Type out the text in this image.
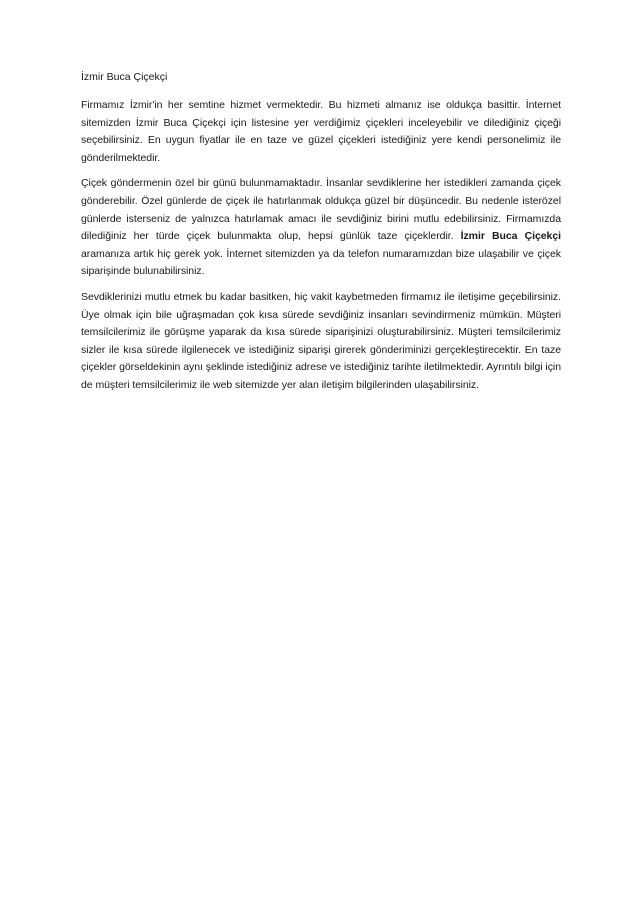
İzmir Buca Çiçekçi

Firmamız İzmir'in her semtine hizmet vermektedir. Bu hizmeti almanız ise oldukça basittir. İnternet sitemizden İzmir Buca Çiçekçi için listesine yer verdiğimiz çiçekleri inceleyebilir ve dilediğiniz çiçeği seçebilirsiniz. En uygun fiyatlar ile en taze ve güzel çiçekleri istediğiniz yere kendi personelimiz ile gönderilmektedir.

Çiçek göndermenin özel bir günü bulunmamaktadır. İnsanlar sevdiklerine her istedikleri zamanda çiçek gönderebilir. Özel günlerde de çiçek ile hatırlanmak oldukça güzel bir düşüncedir. Bu nedenle isterözel günlerde isterseniz de yalnızca hatırlamak amacı ile sevdiğiniz birini mutlu edebilirsiniz. Firmamızda dilediğiniz her türde çiçek bulunmakta olup, hepsi günlük taze çiçeklerdir. İzmir Buca Çiçekçi aramanıza artık hiç gerek yok. İnternet sitemizden ya da telefon numaramızdan bize ulaşabilir ve çiçek siparişinde bulunabilirsiniz.

Sevdiklerinizi mutlu etmek bu kadar basitken, hiç vakit kaybetmeden firmamız ile iletişime geçebilirsiniz. Üye olmak için bile uğraşmadan çok kısa sürede sevdiğiniz insanları sevindirmeniz mümkün. Müşteri temsilcilerimiz ile görüşme yaparak da kısa sürede siparişinizi oluşturabilirsiniz. Müşteri temsilcilerimiz sizler ile kısa sürede ilgilenecek ve istediğiniz siparişi girerek gönderiminizi gerçekleştirecektir. En taze çiçekler görseldekinin aynı şeklinde istediğiniz adrese ve istediğiniz tarihte iletilmektedir. Ayrıntılı bilgi için de müşteri temsilcilerimiz ile web sitemizde yer alan iletişim bilgilerinden ulaşabilirsiniz.
